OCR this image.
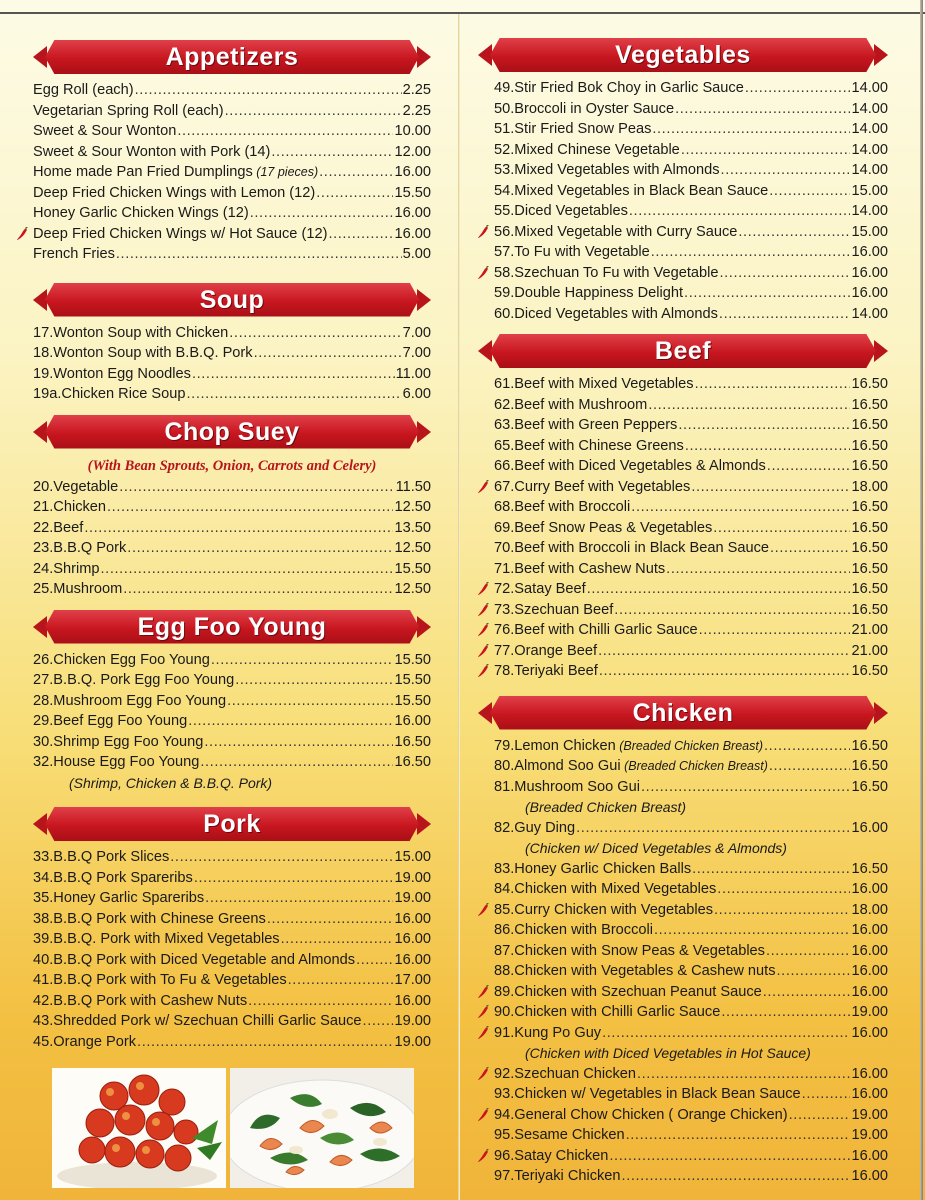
Appetizers
Egg Roll (each) .....	2.25
Vegetarian Spring Roll (each) .....	2.25
Sweet & Sour Wonton .....	10.00
Sweet & Sour Wonton with Pork (14) .....	12.00
Home made Pan Fried Dumplings (17 pieces) .....	16.00
Deep Fried Chicken Wings with Lemon (12) .....	15.50
Honey Garlic Chicken Wings (12) .....	16.00
Deep Fried Chicken Wings w/ Hot Sauce (12) .....	16.00
French Fries .....	5.00
Soup
17. Wonton Soup with Chicken .....	7.00
18. Wonton Soup with B.B.Q. Pork .....	7.00
19. Wonton Egg Noodles .....	11.00
19a. Chicken Rice Soup .....	6.00
Chop Suey
(With Bean Sprouts, Onion, Carrots and Celery)
20. Vegetable .....	11.50
21. Chicken .....	12.50
22. Beef .....	13.50
23. B.B.Q Pork .....	12.50
24. Shrimp .....	15.50
25. Mushroom .....	12.50
Egg Foo Young
26. Chicken Egg Foo Young .....	15.50
27. B.B.Q. Pork Egg Foo Young .....	15.50
28. Mushroom Egg Foo Young .....	15.50
29. Beef Egg Foo Young .....	16.00
30. Shrimp Egg Foo Young .....	16.50
32. House Egg Foo Young .....	16.50
(Shrimp, Chicken & B.B.Q. Pork)
Pork
33. B.B.Q Pork Slices .....	15.00
34. B.B.Q Pork Spareribs .....	19.00
35. Honey Garlic Spareribs .....	19.00
38. B.B.Q Pork with Chinese Greens .....	16.00
39. B.B.Q. Pork with Mixed Vegetables .....	16.00
40. B.B.Q Pork with Diced Vegetable and Almonds .....	16.00
41. B.B.Q Pork with To Fu & Vegetables .....	17.00
42. B.B.Q Pork with Cashew Nuts .....	16.00
43 .Shredded Pork w/ Szechuan Chilli Garlic Sauce ..... 19.00
45. Orange Pork .....	19.00
Vegetables
49. Stir Fried Bok Choy in Garlic Sauce .....	14.00
50. Broccoli in Oyster Sauce .....	14.00
51. Stir Fried Snow Peas .....	14.00
52. Mixed Chinese Vegetable .....	14.00
53. Mixed Vegetables with Almonds .....	14.00
54. Mixed Vegetables in Black Bean Sauce .....	15.00
55. Diced Vegetables .....	14.00
56. Mixed Vegetable with Curry Sauce .....	15.00
57. To Fu with Vegetable .....	16.00
58. Szechuan To Fu with Vegetable .....	16.00
59. Double Happiness Delight .....	16.00
60. Diced Vegetables with Almonds .....	14.00
Beef
61. Beef with Mixed Vegetables .....	16.50
62. Beef with Mushroom .....	16.50
63. Beef with Green Peppers .....	16.50
65. Beef with Chinese Greens .....	16.50
66. Beef with Diced Vegetables & Almonds .....	16.50
67. Curry Beef with Vegetables .....	18.00
68. Beef with Broccoli .....	16.50
69. Beef Snow Peas & Vegetables .....	16.50
70. Beef with Broccoli in Black Bean Sauce .....	16.50
71. Beef with Cashew Nuts .....	16.50
72. Satay Beef .....	16.50
73. Szechuan Beef .....	16.50
76. Beef with Chilli Garlic Sauce .....	21.00
77. Orange Beef .....	21.00
78. Teriyaki Beef .....	16.50
Chicken
79. Lemon Chicken (Breaded Chicken Breast) .....	16.50
80. Almond Soo Gui (Breaded Chicken Breast) .....	16.50
81. Mushroom Soo Gui .....	16.50
(Breaded Chicken Breast)
82. Guy Ding .....	16.00
(Chicken w/ Diced Vegetables & Almonds)
83. Honey Garlic Chicken Balls .....	16.50
84. Chicken with Mixed Vegetables .....	16.00
85. Curry Chicken with Vegetables .....	18.00
86. Chicken with Broccoli .....	16.00
87. Chicken with Snow Peas & Vegetables .....	16.00
88. Chicken with Vegetables & Cashew nuts .....	16.00
89. Chicken with Szechuan Peanut Sauce .....	16.00
90. Chicken with Chilli Garlic Sauce .....	19.00
91. Kung Po Guy .....	16.00
(Chicken with Diced Vegetables in Hot Sauce)
92. Szechuan Chicken .....	16.00
93. Chicken w/ Vegetables in Black Bean Sauce .....	16.00
94. General Chow Chicken ( Orange Chicken) .....	19.00
95. Sesame Chicken .....	19.00
96. Satay Chicken .....	16.00
97. Teriyaki Chicken .....	16.00
